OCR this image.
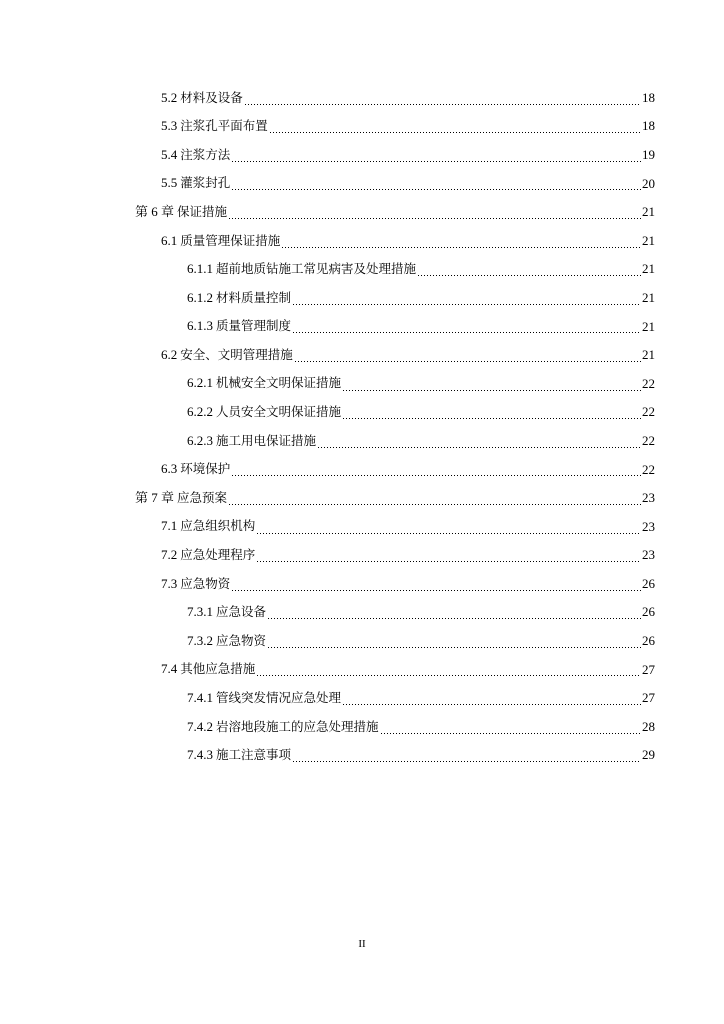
5.2 材料及设备	18
5.3 注浆孔平面布置	18
5.4 注浆方法	19
5.5 灌浆封孔	20
第 6 章 保证措施	21
6.1 质量管理保证措施	21
6.1.1 超前地质钻施工常见病害及处理措施	21
6.1.2 材料质量控制	21
6.1.3 质量管理制度	21
6.2 安全、文明管理措施	21
6.2.1 机械安全文明保证措施	22
6.2.2 人员安全文明保证措施	22
6.2.3 施工用电保证措施	22
6.3 环境保护	22
第 7 章 应急预案	23
7.1 应急组织机构	23
7.2 应急处理程序	23
7.3 应急物资	26
7.3.1 应急设备	26
7.3.2 应急物资	26
7.4 其他应急措施	27
7.4.1 管线突发情况应急处理	27
7.4.2 岩溶地段施工的应急处理措施	28
7.4.3 施工注意事项	29
II
